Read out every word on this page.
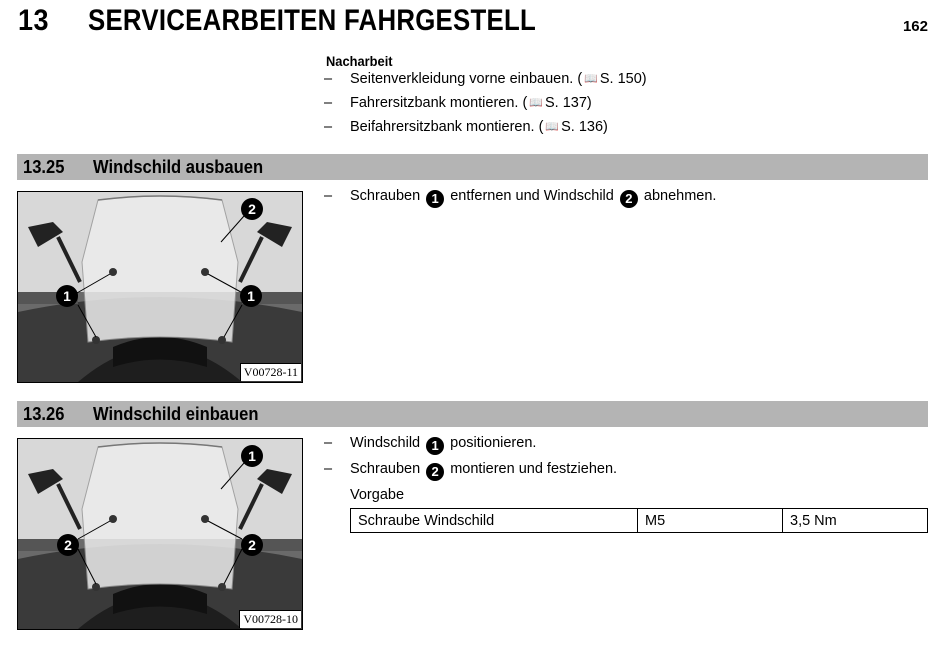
13 SERVICEARBEITEN FAHRGESTELL	162
Nacharbeit
– Seitenverkleidung vorne einbauen. ( 📖 S. 150)
– Fahrersitzbank montieren. ( 📖 S. 137)
– Beifahrersitzbank montieren. ( 📖 S. 136)
13.25 Windschild ausbauen
2
1	1
V00728-11
– Schrauben 1 entfernen und Windschild 2 abnehmen.
13.26 Windschild einbauen
1
2	2
V00728-10
– Windschild 1 positionieren.
– Schrauben 2 montieren und festziehen.
Vorgabe
Schraube Windschild	M5	3,5 Nm
